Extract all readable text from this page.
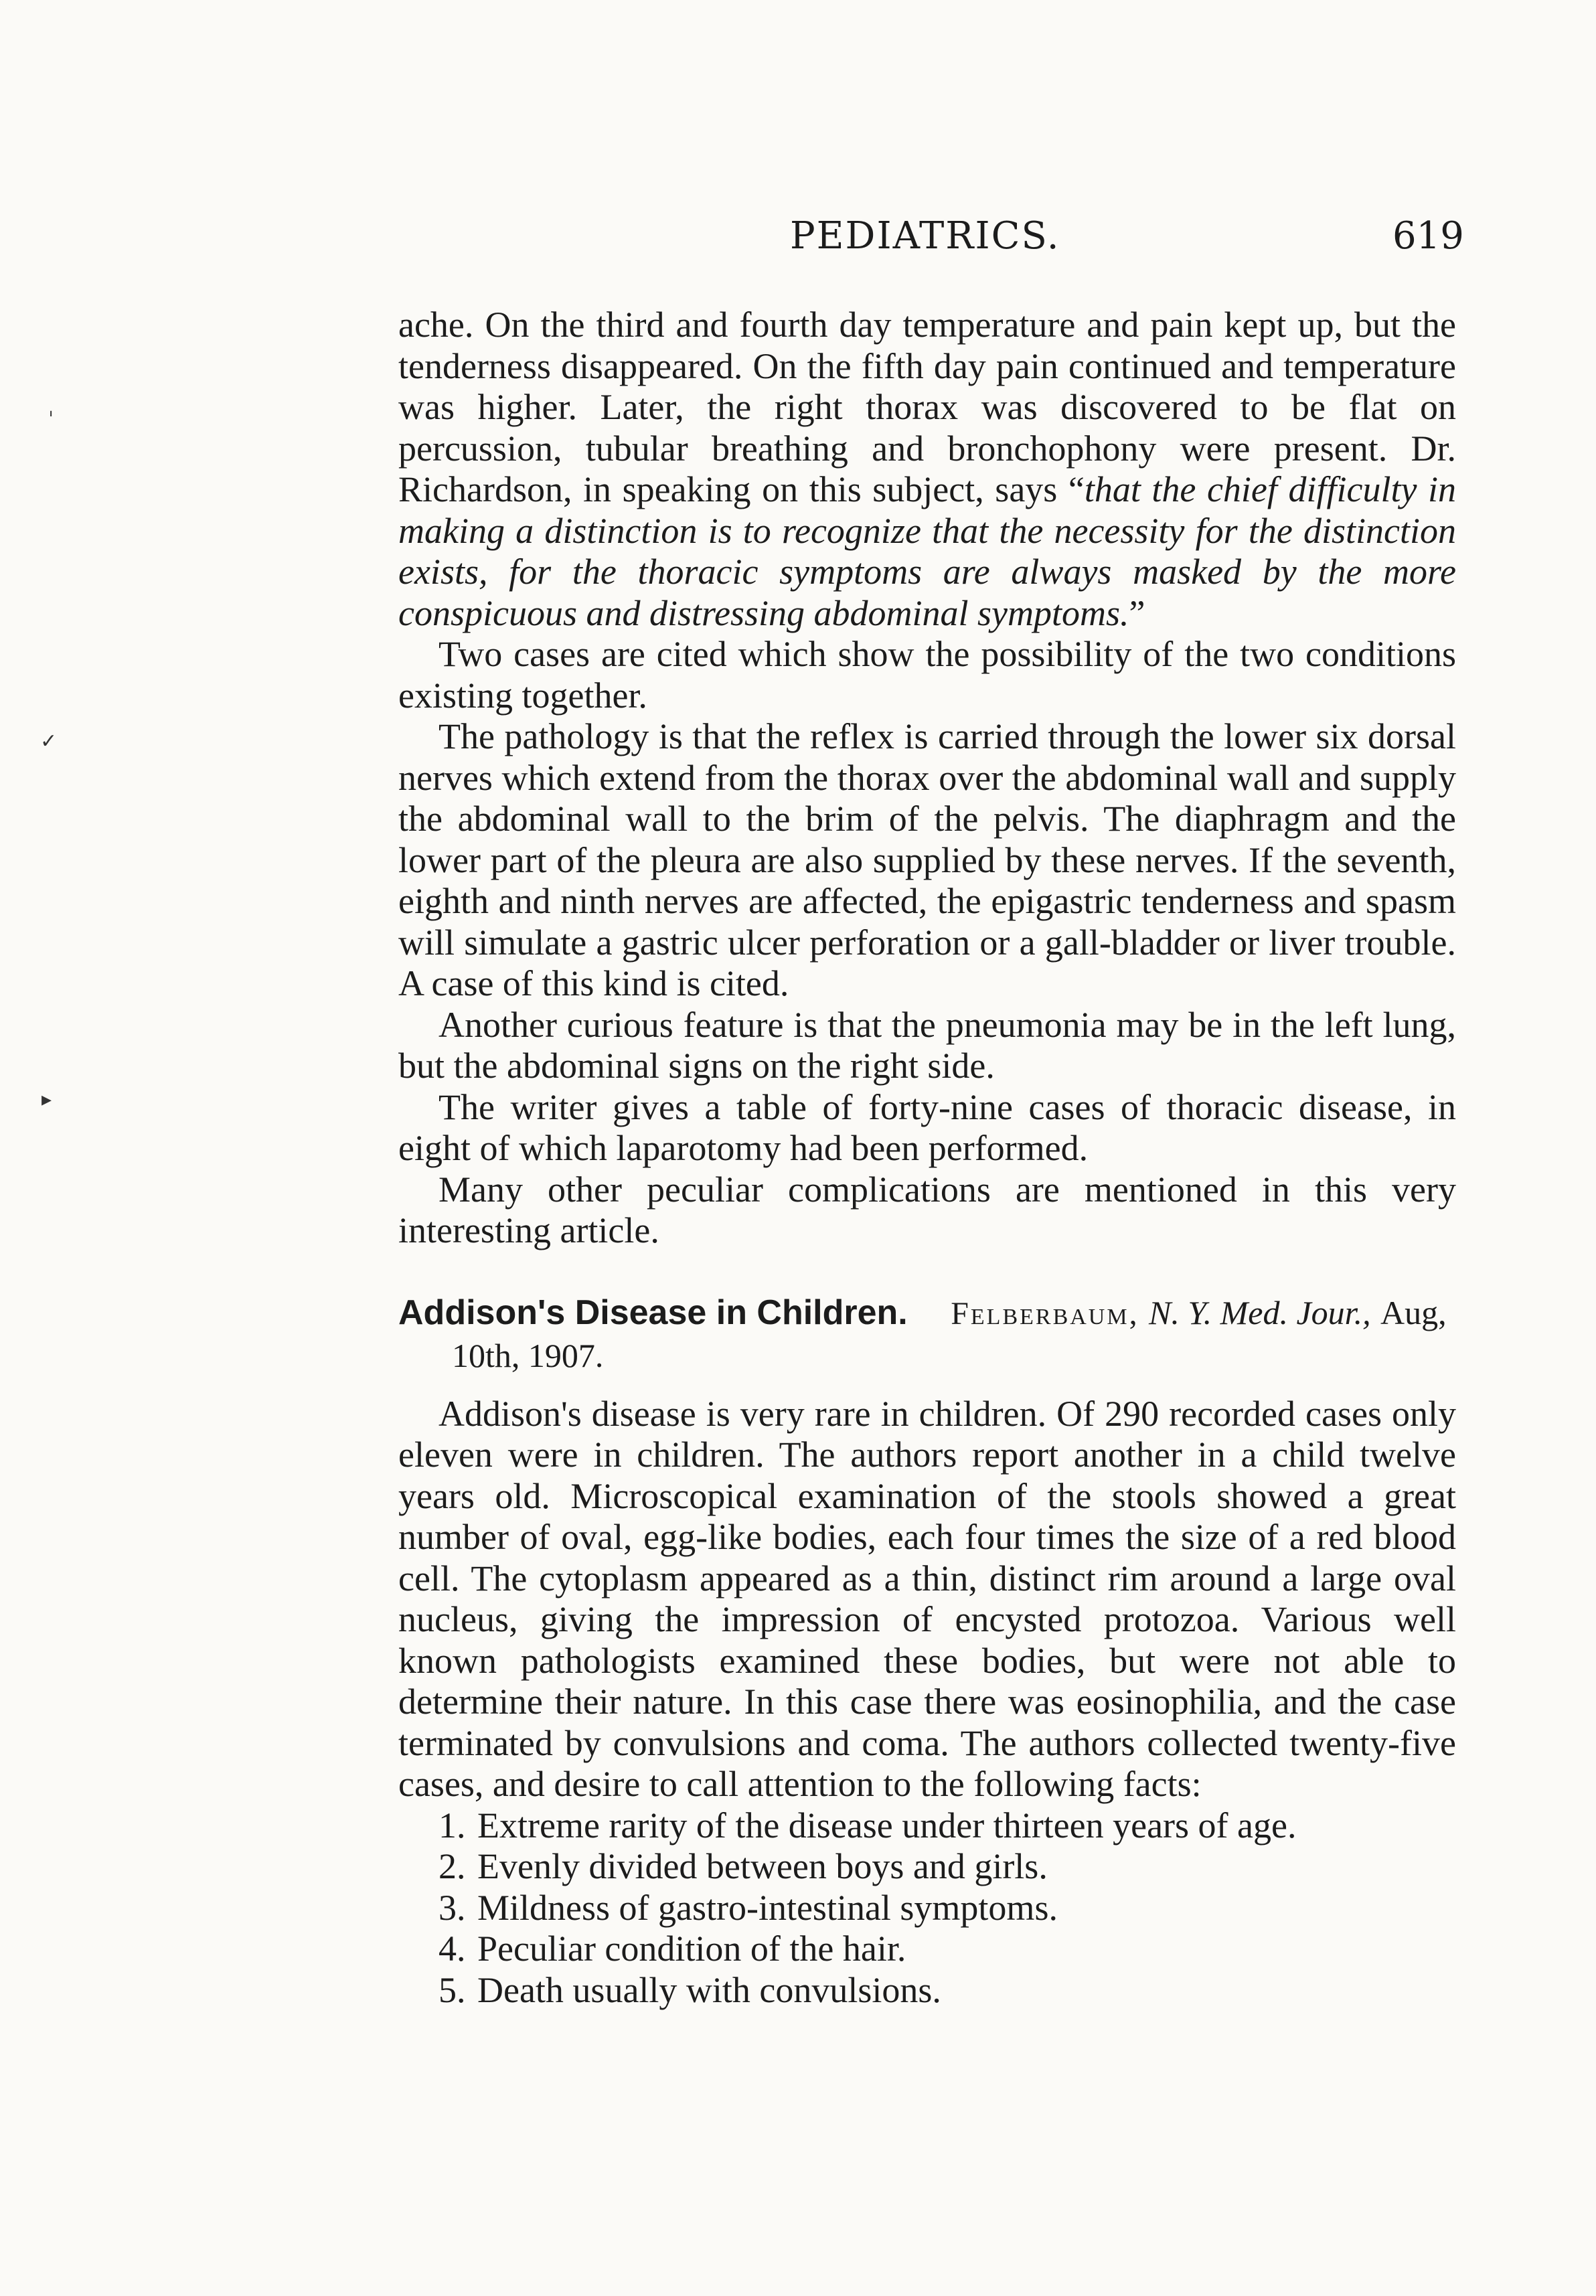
PEDIATRICS.	619

ache. On the third and fourth day temperature and pain kept up, but the tenderness disappeared. On the fifth day pain continued and temperature was higher. Later, the right thorax was discovered to be flat on percussion, tubular breathing and bronchophony were present. Dr. Richardson, in speaking on this subject, says “that the chief difficulty in making a distinction is to recognize that the necessity for the distinction exists, for the thoracic symptoms are always masked by the more conspicuous and distressing abdominal symptoms.”

Two cases are cited which show the possibility of the two conditions existing together.

The pathology is that the reflex is carried through the lower six dorsal nerves which extend from the thorax over the abdominal wall and supply the abdominal wall to the brim of the pelvis. The diaphragm and the lower part of the pleura are also supplied by these nerves. If the seventh, eighth and ninth nerves are affected, the epigastric tenderness and spasm will simulate a gastric ulcer perforation or a gall-bladder or liver trouble. A case of this kind is cited.

Another curious feature is that the pneumonia may be in the left lung, but the abdominal signs on the right side.

The writer gives a table of forty-nine cases of thoracic disease, in eight of which laparotomy had been performed.

Many other peculiar complications are mentioned in this very interesting article.

Addison's Disease in Children. Felberbaum, N. Y. Med. Jour., Aug, 10th, 1907.

Addison's disease is very rare in children. Of 290 recorded cases only eleven were in children. The authors report another in a child twelve years old. Microscopical examination of the stools showed a great number of oval, egg-like bodies, each four times the size of a red blood cell. The cytoplasm appeared as a thin, distinct rim around a large oval nucleus, giving the impression of encysted protozoa. Various well known pathologists examined these bodies, but were not able to determine their nature. In this case there was eosinophilia, and the case terminated by convulsions and coma. The authors collected twenty-five cases, and desire to call attention to the following facts:

1. Extreme rarity of the disease under thirteen years of age.
2. Evenly divided between boys and girls.
3. Mildness of gastro-intestinal symptoms.
4. Peculiar condition of the hair.
5. Death usually with convulsions.
ˈ
✓
▸
